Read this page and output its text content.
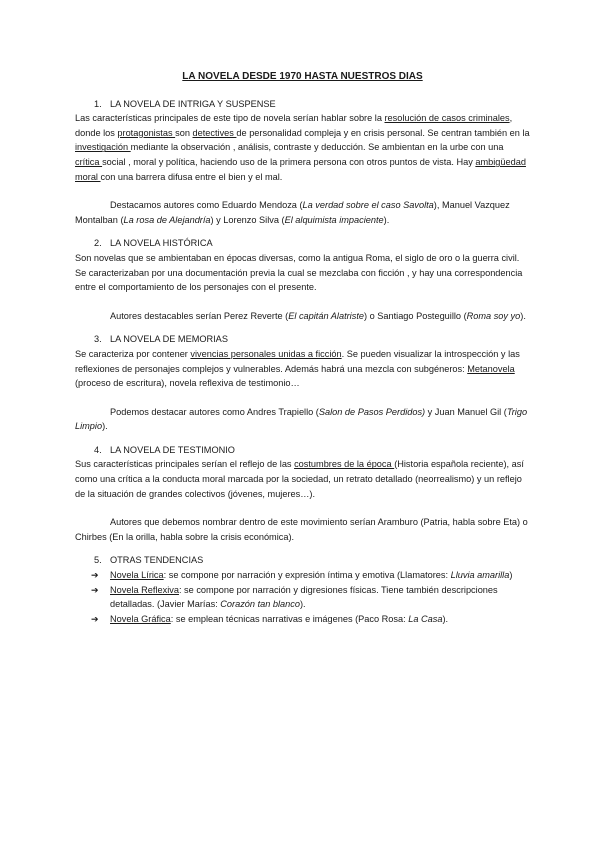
LA NOVELA DESDE 1970 HASTA NUESTROS DIAS
1. LA NOVELA DE INTRIGA Y SUSPENSE

Las características principales de este tipo de novela serían hablar sobre la resolución de casos criminales, donde los protagonistas son detectives de personalidad compleja y en crisis personal. Se centran también en la investigación mediante la observación , análisis, contraste y deducción. Se ambientan en la urbe con una crítica social , moral y política, haciendo uso de la primera persona con otros puntos de vista. Hay ambigüedad moral con una barrera difusa entre el bien y el mal.

Destacamos autores como Eduardo Mendoza (La verdad sobre el caso Savolta), Manuel Vazquez Montalban (La rosa de Alejandría) y Lorenzo Silva (El alquimista impaciente).

2. LA NOVELA HISTÓRICA

Son novelas que se ambientaban en épocas diversas, como la antigua Roma, el siglo de oro o la guerra civil. Se caracterizaban por una documentación previa la cual se mezclaba con ficción , y hay una correspondencia entre el comportamiento de los personajes con el presente.

Autores destacables serían Perez Reverte (El capitán Alatriste) o Santiago Posteguillo (Roma soy yo).

3. LA NOVELA DE MEMORIAS

Se caracteriza por contener vivencias personales unidas a ficción. Se pueden visualizar la introspección y las reflexiones de personajes complejos y vulnerables. Además habrá una mezcla con subgéneros: Metanovela (proceso de escritura), novela reflexiva de testimonio…

Podemos destacar autores como Andres Trapiello (Salon de Pasos Perdidos) y Juan Manuel Gil (Trigo Limpio).

4. LA NOVELA DE TESTIMONIO

Sus características principales serían el reflejo de las costumbres de la época (Historia española reciente), así como una crítica a la conducta moral marcada por la sociedad, un retrato detallado (neorrealismo) y un reflejo de la situación de grandes colectivos (jóvenes, mujeres…).

Autores que debemos nombrar dentro de este movimiento serían Aramburo (Patria, habla sobre Eta) o Chirbes (En la orilla, habla sobre la crisis económica).

5. OTRAS TENDENCIAS
➔ Novela Lírica: se compone por narración y expresión íntima y emotiva (Llamatores: Lluvia amarilla)
➔ Novela Reflexiva: se compone por narración y digresiones físicas. Tiene también descripciones detalladas. (Javier Marías: Corazón tan blanco).
➔ Novela Gráfica: se emplean técnicas narrativas e imágenes (Paco Rosa: La Casa).
